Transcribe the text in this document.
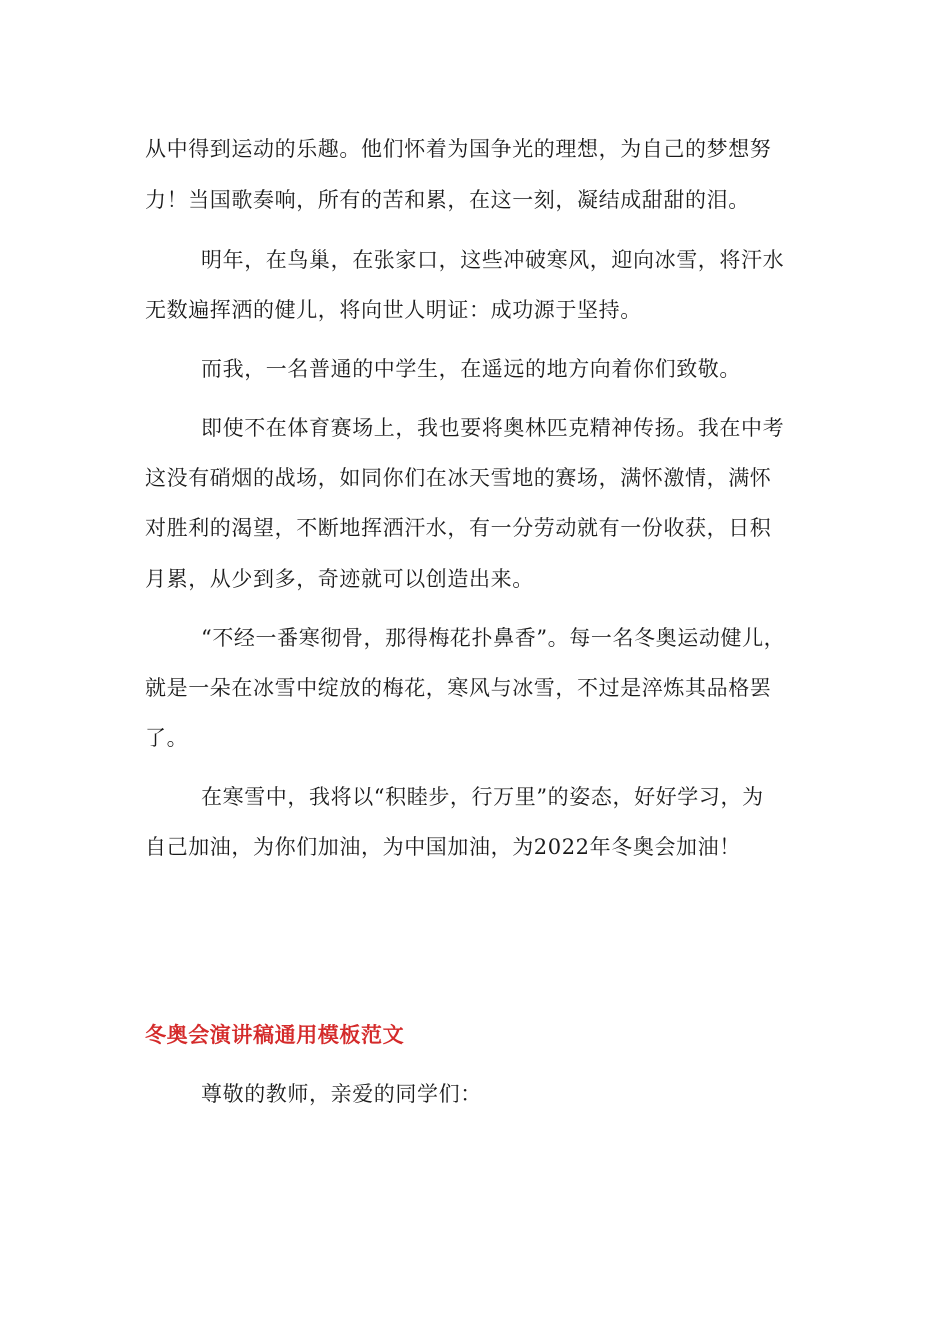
从中得到运动的乐趣。他们怀着为国争光的理想，为自己的梦想努
力！当国歌奏响，所有的苦和累，在这一刻，凝结成甜甜的泪。
明年，在鸟巢，在张家口，这些冲破寒风，迎向冰雪，将汗水
无数遍挥洒的健儿，将向世人明证：成功源于坚持。
而我，一名普通的中学生，在遥远的地方向着你们致敬。
即使不在体育赛场上，我也要将奥林匹克精神传扬。我在中考
这没有硝烟的战场，如同你们在冰天雪地的赛场，满怀激情，满怀
对胜利的渴望，不断地挥洒汗水，有一分劳动就有一份收获，日积
月累，从少到多，奇迹就可以创造出来。
“不经一番寒彻骨，那得梅花扑鼻香”。每一名冬奥运动健儿，
就是一朵在冰雪中绽放的梅花，寒风与冰雪，不过是淬炼其品格罢
了。
在寒雪中，我将以“积睦步，行万里”的姿态，好好学习，为
自己加油，为你们加油，为中国加油，为2022年冬奥会加油！
冬奥会演讲稿通用模板范文
尊敬的教师，亲爱的同学们：
